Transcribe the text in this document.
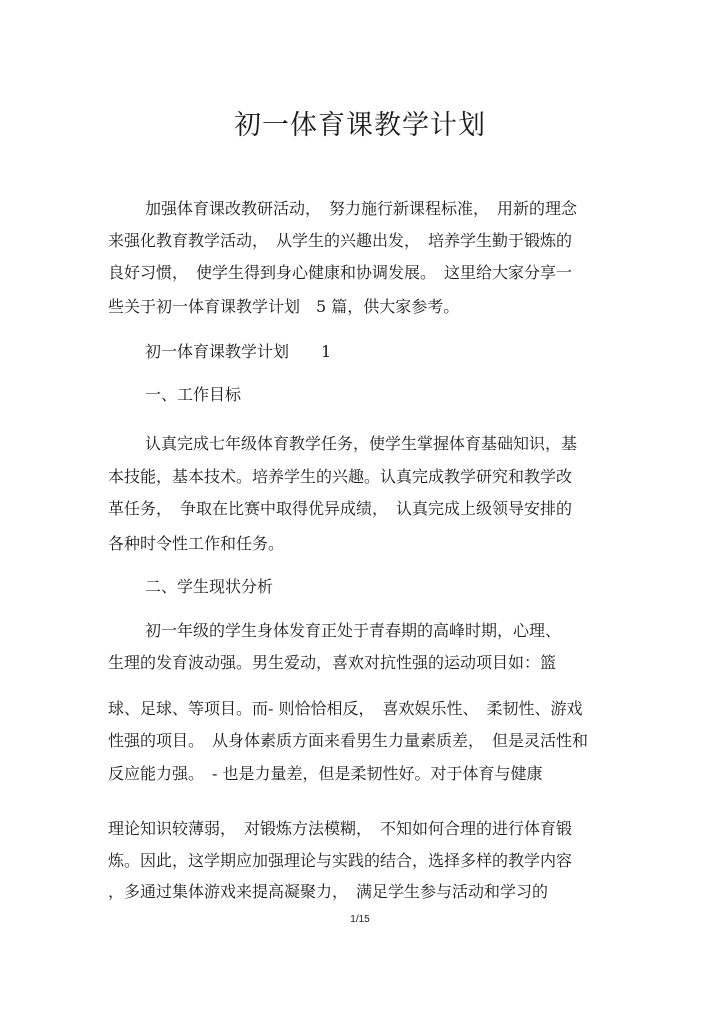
初一体育课教学计划
加强体育课改教研活动，　努力施行新课程标准，　用新的理念
来强化教育教学活动，　从学生的兴趣出发，　培养学生勤于锻炼的
良好习惯，　使学生得到身心健康和协调发展。　这里给大家分享一
些关于初一体育课教学计划　5 篇，供大家参考。
初一体育课教学计划　　1
一、工作目标
认真完成七年级体育教学任务，使学生掌握体育基础知识，基
本技能，基本技术。培养学生的兴趣。认真完成教学研究和教学改
革任务，　争取在比赛中取得优异成绩，　认真完成上级领导安排的
各种时令性工作和任务。
二、学生现状分析
初一年级的学生身体发育正处于青春期的高峰时期，心理、
生理的发育波动强。男生爱动，喜欢对抗性强的运动项目如：篮
球、足球、等项目。而- 则恰恰相反，　喜欢娱乐性、　柔韧性、游戏
性强的项目。　从身体素质方面来看男生力量素质差，　但是灵活性和
反应能力强。　- 也是力量差，但是柔韧性好。对于体育与健康
理论知识较薄弱，　对锻炼方法模糊，　不知如何合理的进行体育锻
炼。因此，这学期应加强理论与实践的结合，选择多样的教学内容
，多通过集体游戏来提高凝聚力，　满足学生参与活动和学习的
1/15
